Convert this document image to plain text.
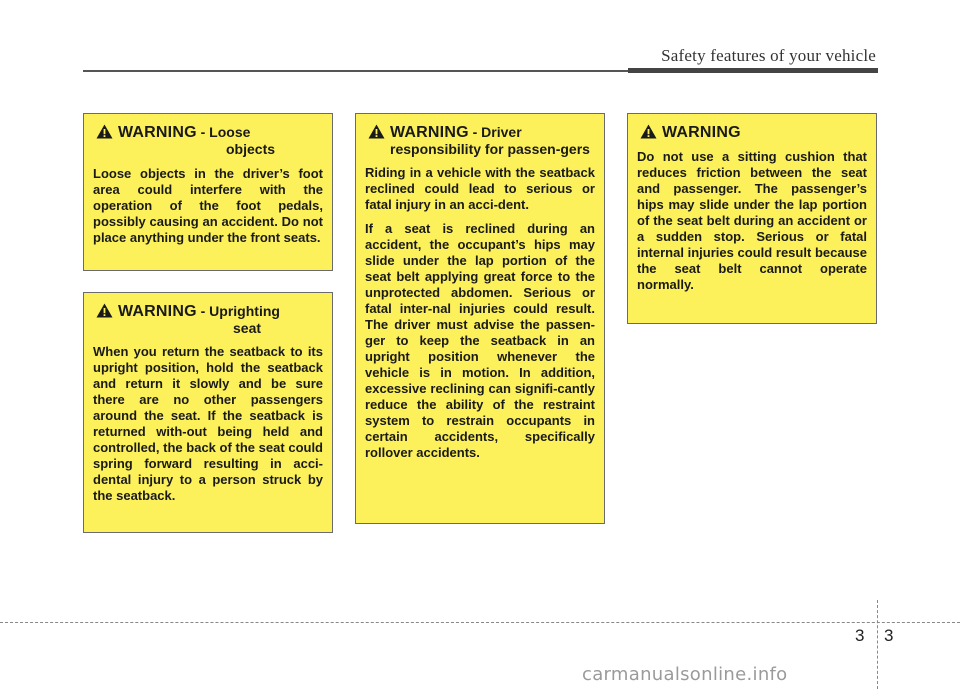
Safety features of your vehicle
WARNING - Loose
objects

Loose objects in the driver’s foot area could interfere with the operation of the foot pedals, possibly causing an accident. Do not place anything under the front seats.

WARNING - Uprighting
seat

When you return the seatback to its upright position, hold the seatback and return it slowly and be sure there are no other passengers around the seat. If the seatback is returned with-out being held and controlled, the back of the seat could spring forward resulting in acci-dental injury to a person struck by the seatback.

WARNING - Driver
responsibility for passen-gers

Riding in a vehicle with the seatback reclined could lead to serious or fatal injury in an acci-dent.

If a seat is reclined during an accident, the occupant’s hips may slide under the lap portion of the seat belt applying great force to the unprotected abdomen. Serious or fatal inter-nal injuries could result. The driver must advise the passen-ger to keep the seatback in an upright position whenever the vehicle is in motion. In addition, excessive reclining can signifi-cantly reduce the ability of the restraint system to restrain occupants in certain accidents, specifically rollover accidents.

WARNING

Do not use a sitting cushion that reduces friction between the seat and passenger. The passenger’s hips may slide under the lap portion of the seat belt during an accident or a sudden stop. Serious or fatal internal injuries could result because the seat belt cannot operate normally.

3 3
carmanualsonline.info
